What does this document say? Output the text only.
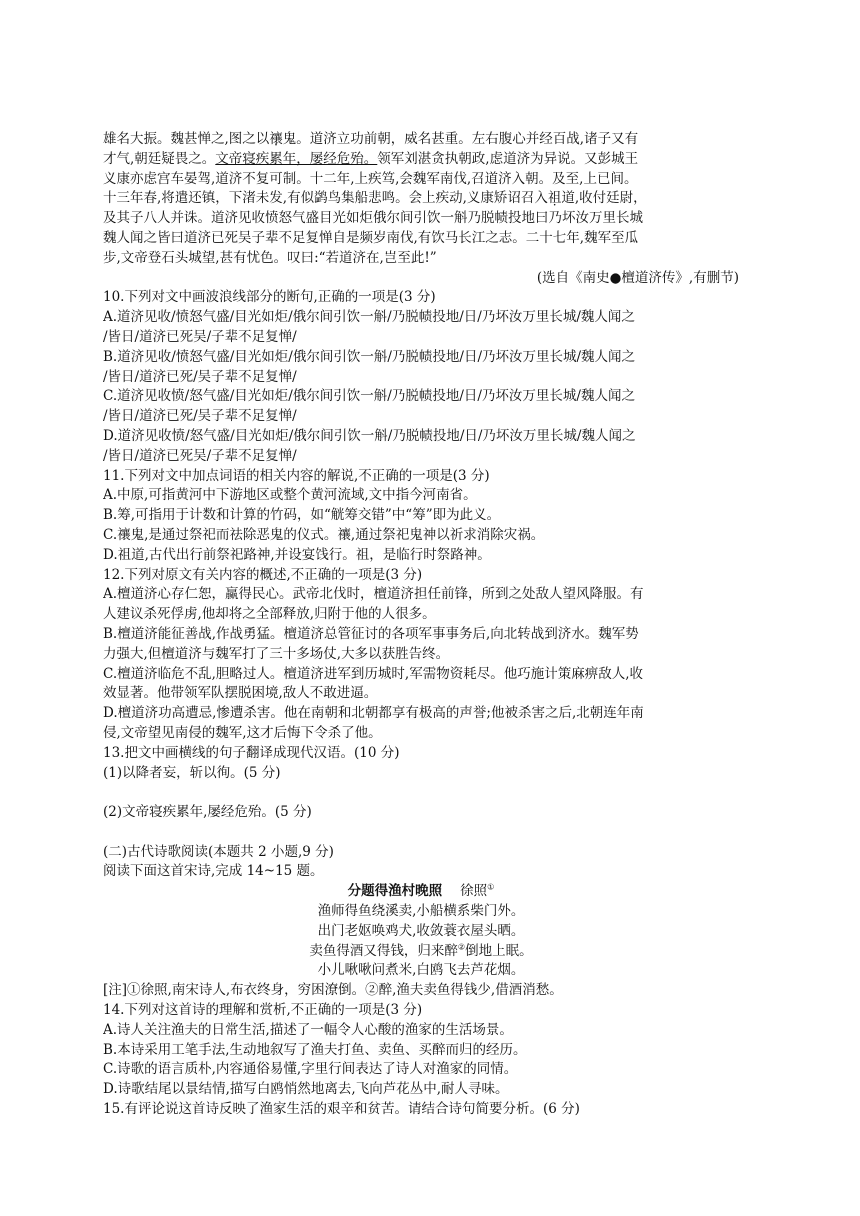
雄名大振。魏甚惮之,图之以禳鬼。道济立功前朝，威名甚重。左右腹心并经百战,诸子又有

才气,朝廷疑畏之。文帝寝疾累年，屡经危殆。领军刘湛贪执朝政,虑道济为异说。又彭城王

义康亦虑宫车晏驾,道济不复可制。十二年,上疾笃,会魏军南伐,召道济入朝。及至,上已间。

十三年春,将遣还镇，下渚未发,有似鹢鸟集船悲鸣。会上疾动,义康矫诏召入祖道,收付廷尉，

及其子八人并诛。道济见收愤怒气盛目光如炬俄尔间引饮一斛乃脱帻投地曰乃坏汝万里长城

魏人闻之皆曰道济已死吴子辈不足复惮自是频岁南伐,有饮马长江之志。二十七年,魏军至瓜

步,文帝登石头城望,甚有忧色。叹曰:“若道济在,岂至此!”

(选自《南史●檀道济传》,有删节)

10.下列对文中画波浪线部分的断句,正确的一项是(3 分)

A.道济见收/愤怒气盛/目光如炬/俄尔间引饮一斛/乃脱帻投地/日/乃坏汝万里长城/魏人闻之

/皆日/道济已死吴/子辈不足复惮/

B.道济见收/愤怒气盛/目光如炬/俄尔间引饮一斛/乃脱帻投地/日/乃坏汝万里长城/魏人闻之

/皆日/道济已死/吴子辈不足复惮/

C.道济见收愤/怒气盛/目光如炬/俄尔间引饮一斛/乃脱帻投地/日/乃坏汝万里长城/魏人闻之

/皆日/道济已死/吴子辈不足复惮/

D.道济见收愤/怒气盛/目光如炬/俄尔间引饮一斛/乃脱帻投地/日/乃坏汝万里长城/魏人闻之

/皆日/道济已死吴/子辈不足复惮/

11.下列对文中加点词语的相关内容的解说,不正确的一项是(3 分)

A.中原,可指黄河中下游地区或整个黄河流域,文中指今河南省。

B.筹,可指用于计数和计算的竹码，如“觥筹交错”中“筹”即为此义。

C.禳鬼,是通过祭祀而祛除恶鬼的仪式。禳,通过祭祀鬼神以祈求消除灾祸。

D.祖道,古代出行前祭祀路神,并设宴饯行。祖，是临行时祭路神。

12.下列对原文有关内容的概述,不正确的一项是(3 分)

A.檀道济心存仁恕，赢得民心。武帝北伐时，檀道济担任前锋，所到之处敌人望风降服。有

人建议杀死俘虏,他却将之全部释放,归附于他的人很多。

B.檀道济能征善战,作战勇猛。檀道济总管征讨的各项军事事务后,向北转战到济水。魏军势

力强大,但檀道济与魏军打了三十多场仗,大多以获胜告终。

C.檀道济临危不乱,胆略过人。檀道济进军到历城时,军需物资耗尽。他巧施计策麻痹敌人,收

效显著。他带领军队摆脱困境,敌人不敢进逼。

D.檀道济功高遭忌,惨遭杀害。他在南朝和北朝都享有极高的声誉;他被杀害之后,北朝连年南

侵,文帝望见南侵的魏军,这才后悔下令杀了他。

13.把文中画横线的句子翻译成现代汉语。(10 分)

(1)以降者妄，斩以徇。(5 分)

(2)文帝寝疾累年,屡经危殆。(5 分)

(二)古代诗歌阅读(本题共 2 小题,9 分)

阅读下面这首宋诗,完成 14~15 题。

分题得渔村晚照 徐照①

渔师得鱼绕溪卖,小船横系柴门外。

出门老妪唤鸡犬,收敛蓑衣屋头晒。

卖鱼得酒又得钱，归来醉②倒地上眠。

小儿啾啾问煮米,白鸥飞去芦花烟。

[注]①徐照,南宋诗人,布衣终身，穷困潦倒。②醉,渔夫卖鱼得钱少,借酒消愁。

14.下列对这首诗的理解和赏析,不正确的一项是(3 分)

A.诗人关注渔夫的日常生活,描述了一幅令人心酸的渔家的生活场景。

B.本诗采用工笔手法,生动地叙写了渔夫打鱼、卖鱼、买醉而归的经历。

C.诗歌的语言质朴,内容通俗易懂,字里行间表达了诗人对渔家的同情。

D.诗歌结尾以景结情,描写白鸥悄然地离去,飞向芦花丛中,耐人寻味。

15.有评论说这首诗反映了渔家生活的艰辛和贫苦。请结合诗句简要分析。(6 分)
